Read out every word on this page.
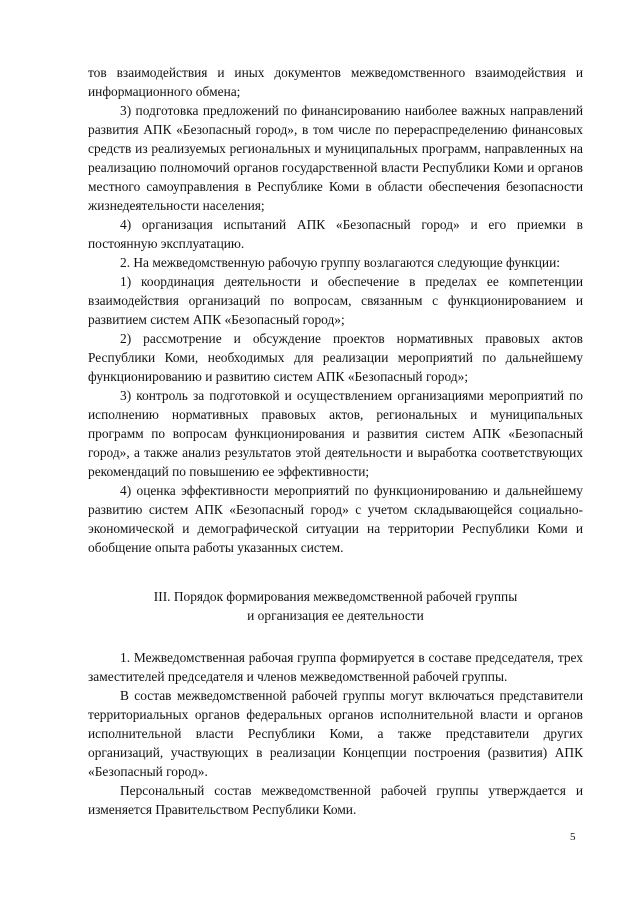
тов взаимодействия и иных документов межведомственного взаимодействия и информационного обмена;

3) подготовка предложений по финансированию наиболее важных направлений развития АПК «Безопасный город», в том числе по перераспределению финансовых средств из реализуемых региональных и муниципальных программ, направленных на реализацию полномочий органов государственной власти Республики Коми и органов местного самоуправления в Республике Коми в области обеспечения безопасности жизнедеятельности населения;

4) организация испытаний АПК «Безопасный город» и его приемки в постоянную эксплуатацию.

2. На межведомственную рабочую группу возлагаются следующие функции:

1) координация деятельности и обеспечение в пределах ее компетенции взаимодействия организаций по вопросам, связанным с функционированием и развитием систем АПК «Безопасный город»;

2) рассмотрение и обсуждение проектов нормативных правовых актов Республики Коми, необходимых для реализации мероприятий по дальнейшему функционированию и развитию систем АПК «Безопасный город»;

3) контроль за подготовкой и осуществлением организациями мероприятий по исполнению нормативных правовых актов, региональных и муниципальных программ по вопросам функционирования и развития систем АПК «Безопасный город», а также анализ результатов этой деятельности и выработка соответствующих рекомендаций по повышению ее эффективности;

4) оценка эффективности мероприятий по функционированию и дальнейшему развитию систем АПК «Безопасный город» с учетом складывающейся социально-экономической и демографической ситуации на территории Республики Коми и обобщение опыта работы указанных систем.

III. Порядок формирования межведомственной рабочей группы
и организация ее деятельности

1. Межведомственная рабочая группа формируется в составе председателя, трех заместителей председателя и членов межведомственной рабочей группы.

В состав межведомственной рабочей группы могут включаться представители территориальных органов федеральных органов исполнительной власти и органов исполнительной власти Республики Коми, а также представители других организаций, участвующих в реализации Концепции построения (развития) АПК «Безопасный город».

Персональный состав межведомственной рабочей группы утверждается и изменяется Правительством Республики Коми.

5
